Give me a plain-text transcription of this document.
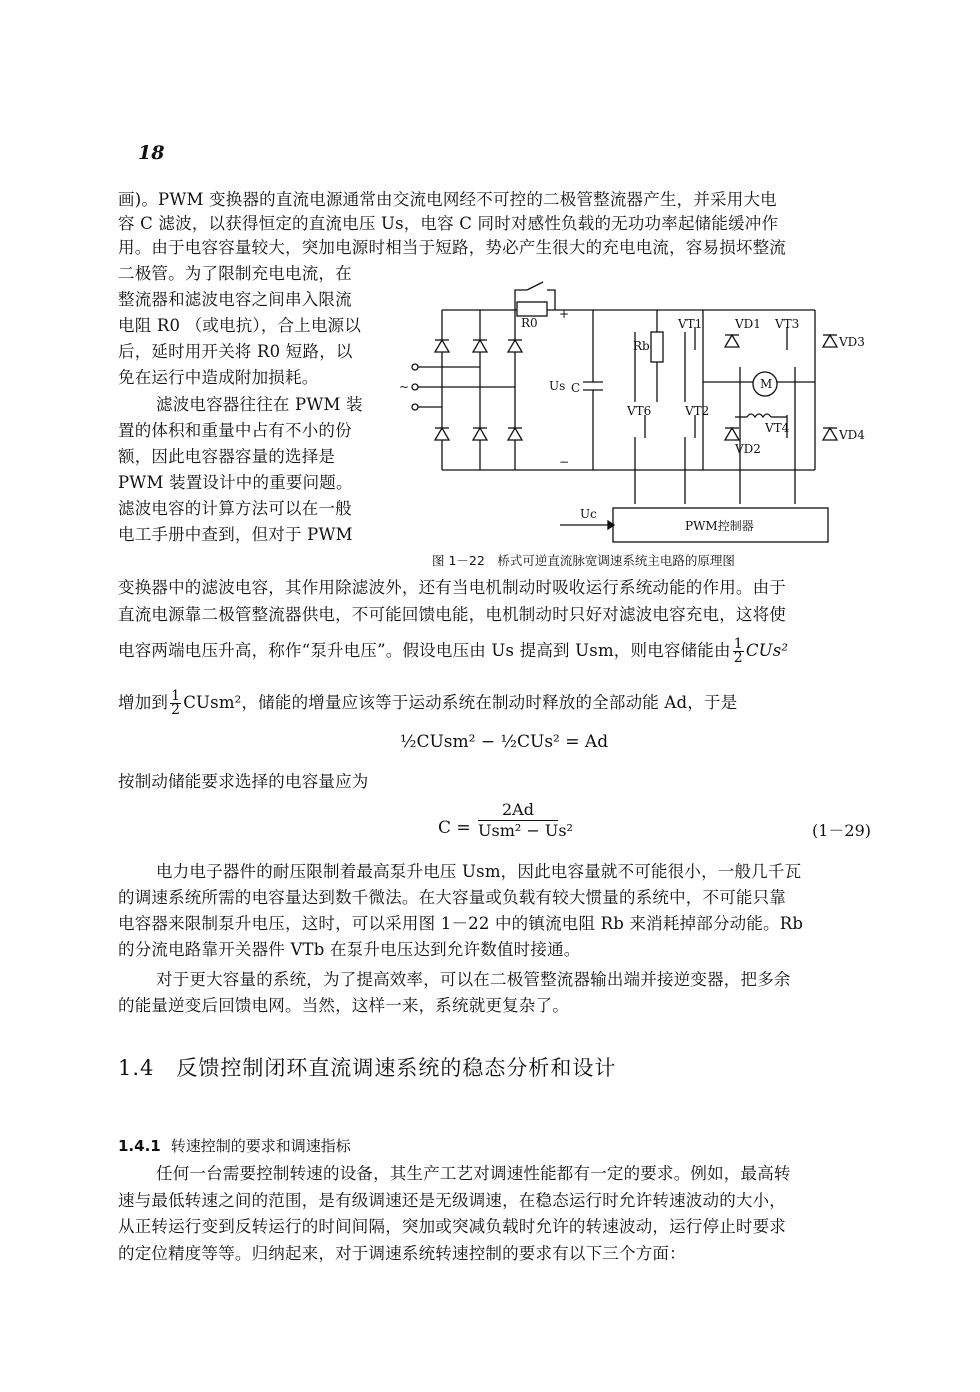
18
画)。PWM 变换器的直流电源通常由交流电网经不可控的二极管整流器产生，并采用大电
容 C 滤波，以获得恒定的直流电压 Us，电容 C 同时对感性负载的无功功率起储能缓冲作
用。由于电容容量较大，突加电源时相当于短路，势必产生很大的充电电流，容易损坏整流
二极管。为了限制充电电流，在
整流器和滤波电容之间串入限流
电阻 R0 （或电抗），合上电源以
后，延时用开关将 R0 短路，以
免在运行中造成附加损耗。
滤波电容器往往在 PWM 装
置的体积和重量中占有不小的份
额，因此电容器容量的选择是
PWM 装置设计中的重要问题。
滤波电容的计算方法可以在一般
电工手册中查到，但对于 PWM
R0
Rb
Us C
Uc
VT1
VT2
VT3
VT4
VT6
VD1
VD2
VD3
VD4
M
+
−
~
PWM控制器
图 1－22　桥式可逆直流脉宽调速系统主电路的原理图
变换器中的滤波电容，其作用除滤波外，还有当电机制动时吸收运行系统动能的作用。由于
直流电源靠二极管整流器供电，不可能回馈电能，电机制动时只好对滤波电容充电，这将使
电容两端电压升高，称作“泵升电压”。假设电压由 Us 提高到 Usm，则电容储能由 $\frac{1}{2} CUs^2$
增加到 $\frac{1}{2}$ CUsm²，储能的增量应该等于运动系统在制动时释放的全部动能 Ad，于是
½CUsm² − ½CUs² = Ad
按制动储能要求选择的电容量应为
C =
2Ad
Usm² − Us²	(1－29)
电力电子器件的耐压限制着最高泵升电压 Usm，因此电容量就不可能很小，一般几千瓦
的调速系统所需的电容量达到数千微法。在大容量或负载有较大惯量的系统中，不可能只靠
电容器来限制泵升电压，这时，可以采用图 1－22 中的镇流电阻 Rb 来消耗掉部分动能。Rb
的分流电路靠开关器件 VTb 在泵升电压达到允许数值时接通。
对于更大容量的系统，为了提高效率，可以在二极管整流器输出端并接逆变器，把多余
的能量逆变后回馈电网。当然，这样一来，系统就更复杂了。
1.4 反馈控制闭环直流调速系统的稳态分析和设计
1.4.1 转速控制的要求和调速指标
任何一台需要控制转速的设备，其生产工艺对调速性能都有一定的要求。例如，最高转
速与最低转速之间的范围，是有级调速还是无级调速，在稳态运行时允许转速波动的大小，
从正转运行变到反转运行的时间间隔，突加或突减负载时允许的转速波动，运行停止时要求
的定位精度等等。归纳起来，对于调速系统转速控制的要求有以下三个方面：
